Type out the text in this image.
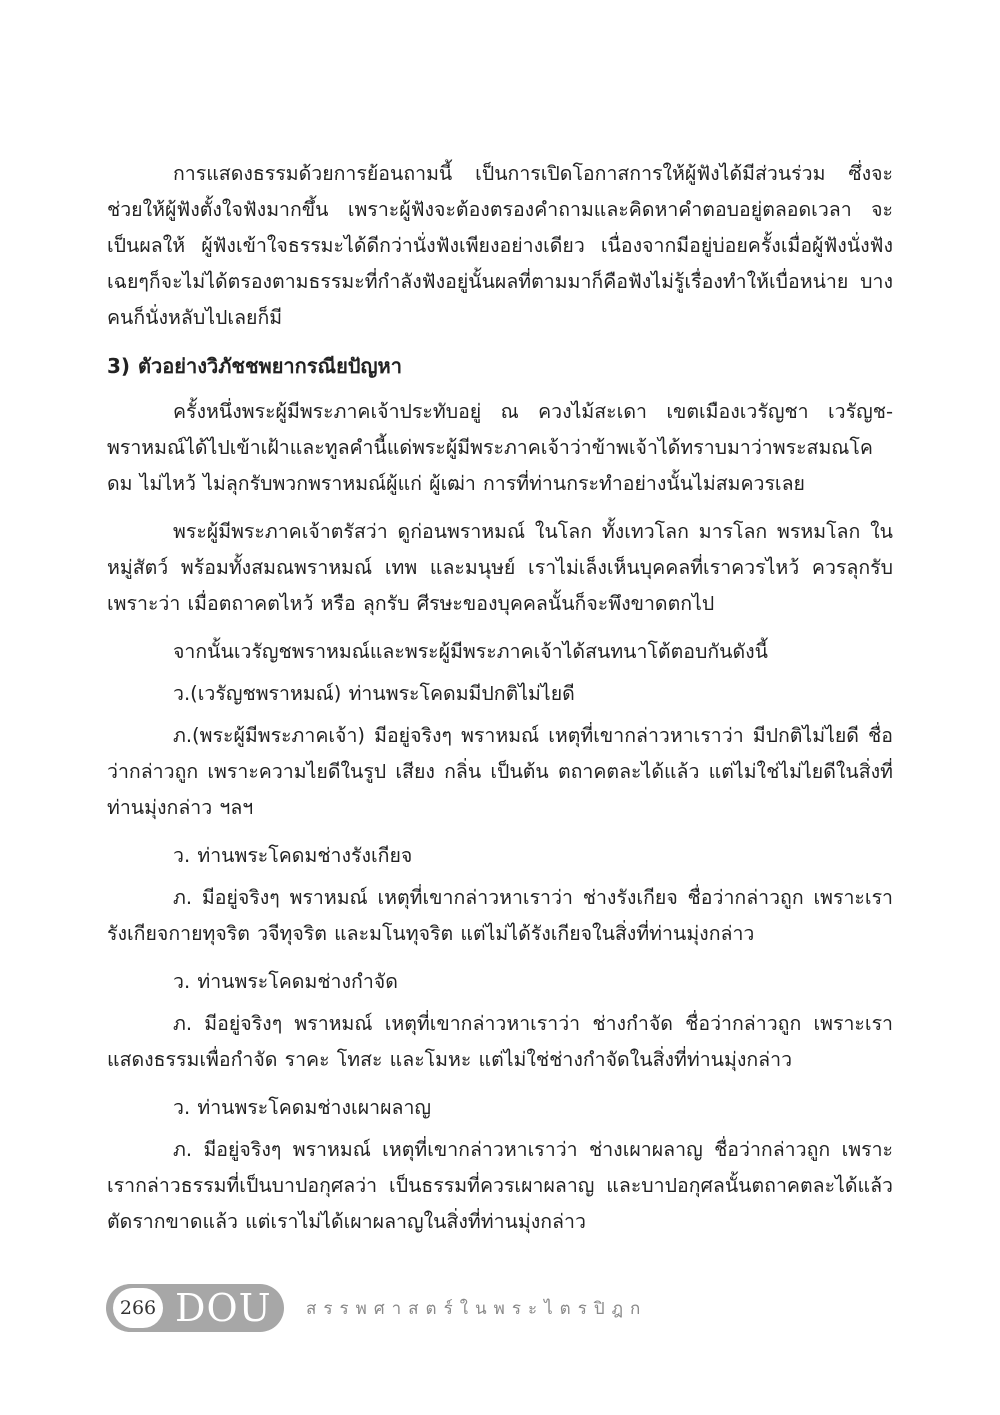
การแสดงธรรมด้วยการย้อนถามนี้ เป็นการเปิดโอกาสการให้ผู้ฟังได้มีส่วนร่วม ซึ่งจะช่วยให้ผู้ฟังตั้งใจฟังมากขึ้น เพราะผู้ฟังจะต้องตรองคำถามและคิดหาคำตอบอยู่ตลอดเวลา จะเป็นผลให้ ผู้ฟังเข้าใจธรรมะได้ดีกว่านั่งฟังเพียงอย่างเดียว เนื่องจากมีอยู่บ่อยครั้งเมื่อผู้ฟังนั่งฟังเฉยๆก็จะไม่ได้ตรองตามธรรมะที่กำลังฟังอยู่นั้นผลที่ตามมาก็คือฟังไม่รู้เรื่องทำให้เบื่อหน่าย บางคนก็นั่งหลับไปเลยก็มี

3) ตัวอย่างวิภัชชพยากรณียปัญหา

ครั้งหนึ่งพระผู้มีพระภาคเจ้าประทับอยู่ ณ ควงไม้สะเดา เขตเมืองเวรัญชา เวรัญช-พราหมณ์ได้ไปเข้าเฝ้าและทูลคำนี้แด่พระผู้มีพระภาคเจ้าว่าข้าพเจ้าได้ทราบมาว่าพระสมณโคดม ไม่ไหว้ ไม่ลุกรับพวกพราหมณ์ผู้แก่ ผู้เฒ่า การที่ท่านกระทำอย่างนั้นไม่สมควรเลย

พระผู้มีพระภาคเจ้าตรัสว่า ดูก่อนพราหมณ์ ในโลก ทั้งเทวโลก มารโลก พรหมโลก ในหมู่สัตว์ พร้อมทั้งสมณพราหมณ์ เทพ และมนุษย์ เราไม่เล็งเห็นบุคคลที่เราควรไหว้ ควรลุกรับ เพราะว่า เมื่อตถาคตไหว้ หรือ ลุกรับ ศีรษะของบุคคลนั้นก็จะพึงขาดตกไป

จากนั้นเวรัญชพราหมณ์และพระผู้มีพระภาคเจ้าได้สนทนาโต้ตอบกันดังนี้

ว.(เวรัญชพราหมณ์) ท่านพระโคดมมีปกติไม่ไยดี

ภ.(พระผู้มีพระภาคเจ้า) มีอยู่จริงๆ พราหมณ์ เหตุที่เขากล่าวหาเราว่า มีปกติไม่ไยดี ชื่อว่ากล่าวถูก เพราะความไยดีในรูป เสียง กลิ่น เป็นต้น ตถาคตละได้แล้ว แต่ไม่ใช่ไม่ไยดีในสิ่งที่ท่านมุ่งกล่าว ฯลฯ

ว. ท่านพระโคดมช่างรังเกียจ

ภ. มีอยู่จริงๆ พราหมณ์ เหตุที่เขากล่าวหาเราว่า ช่างรังเกียจ ชื่อว่ากล่าวถูก เพราะเรารังเกียจกายทุจริต วจีทุจริต และมโนทุจริต แต่ไม่ได้รังเกียจในสิ่งที่ท่านมุ่งกล่าว

ว. ท่านพระโคดมช่างกำจัด

ภ. มีอยู่จริงๆ พราหมณ์ เหตุที่เขากล่าวหาเราว่า ช่างกำจัด ชื่อว่ากล่าวถูก เพราะเราแสดงธรรมเพื่อกำจัด ราคะ โทสะ และโมหะ แต่ไม่ใช่ช่างกำจัดในสิ่งที่ท่านมุ่งกล่าว

ว. ท่านพระโคดมช่างเผาผลาญ

ภ. มีอยู่จริงๆ พราหมณ์ เหตุที่เขากล่าวหาเราว่า ช่างเผาผลาญ ชื่อว่ากล่าวถูก เพราะเรากล่าวธรรมที่เป็นบาปอกุศลว่า เป็นธรรมที่ควรเผาผลาญ และบาปอกุศลนั้นตถาคตละได้แล้ว ตัดรากขาดแล้ว แต่เราไม่ได้เผาผลาญในสิ่งที่ท่านมุ่งกล่าว

266 DOU สรรพศาสตร์ในพระไตรปิฎก
